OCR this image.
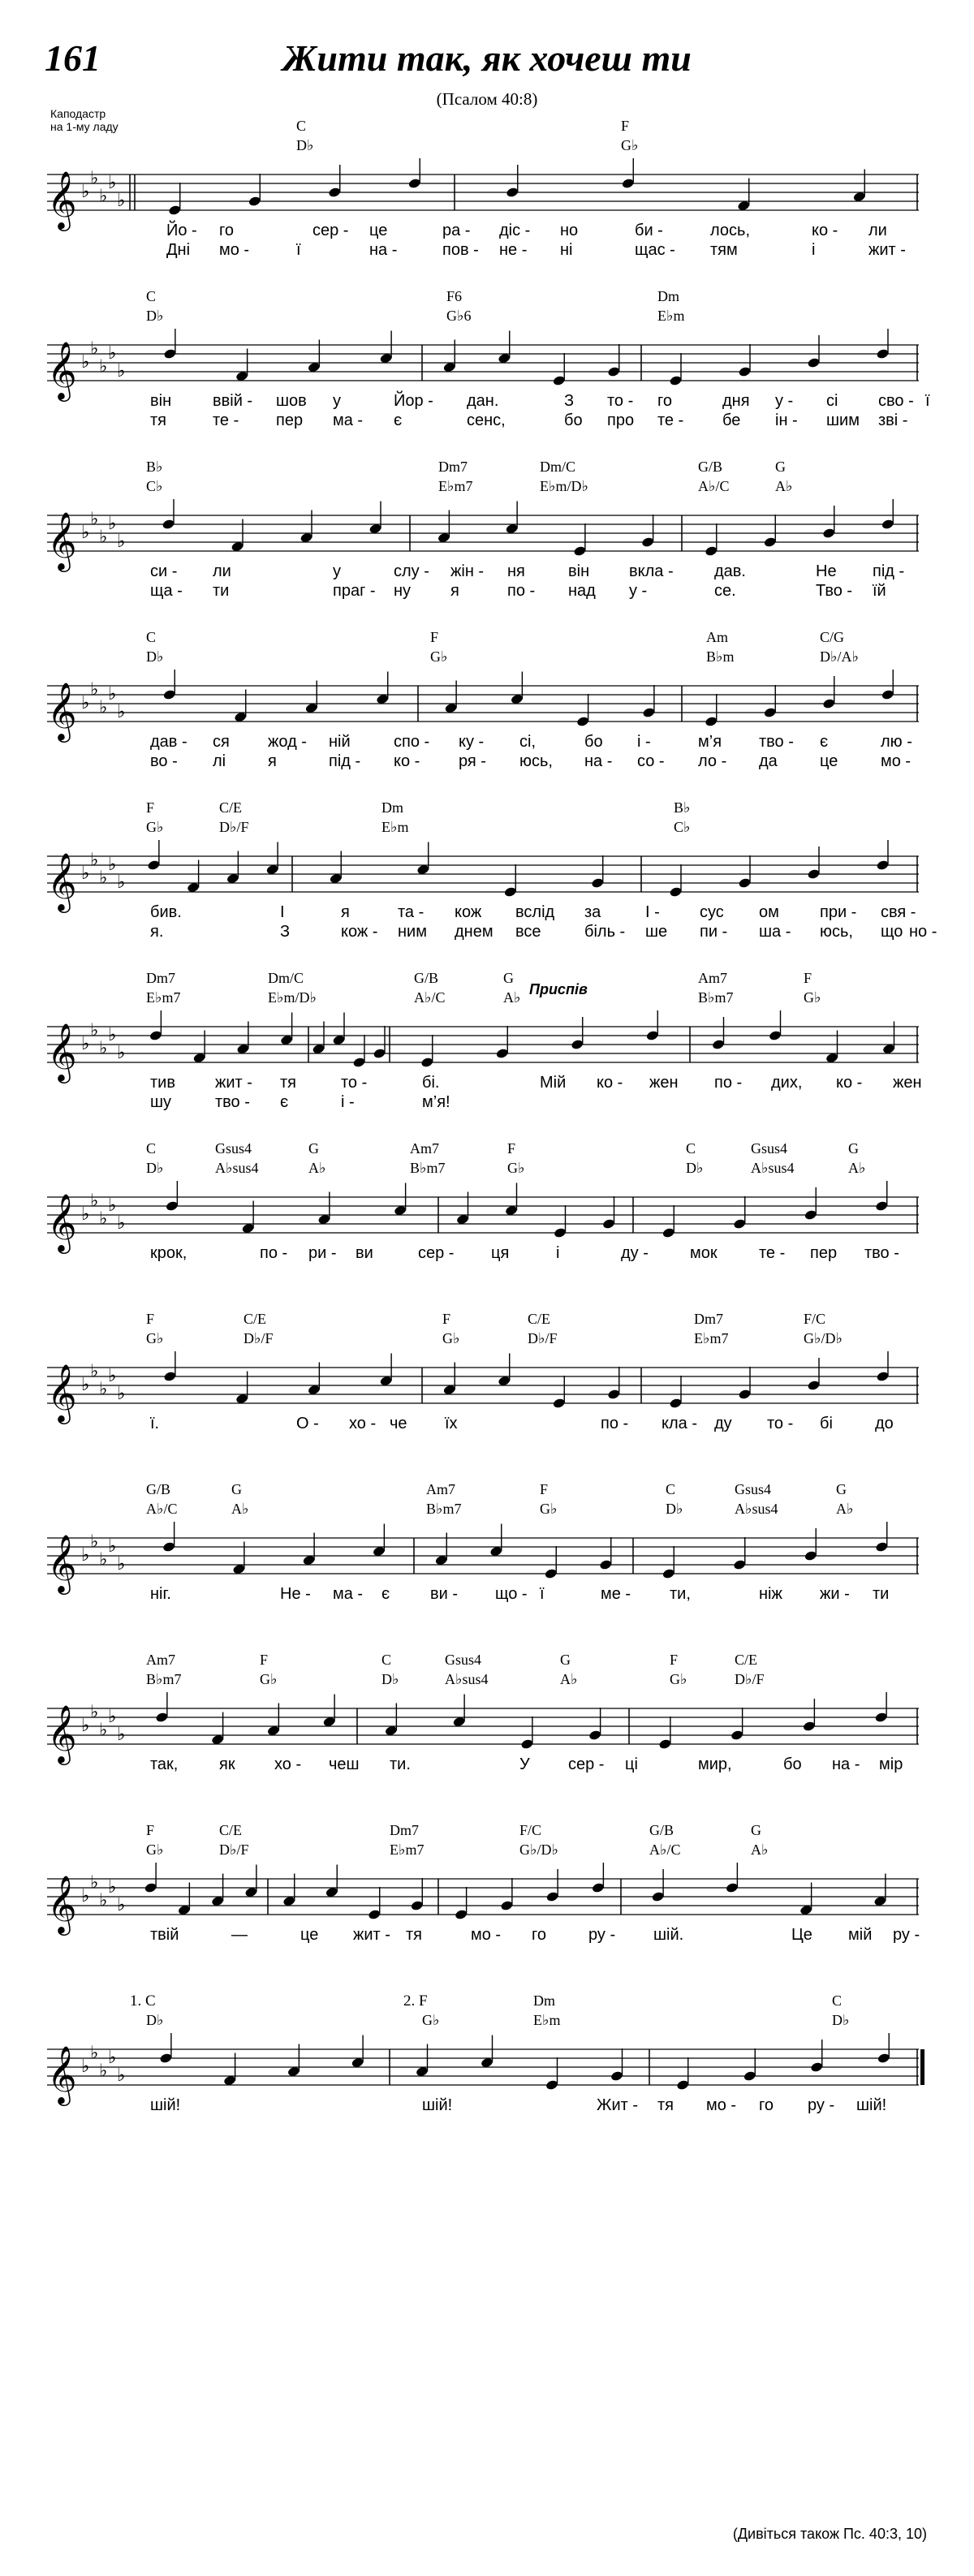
161	Жити так, як хочеш ти
(Псалом 40:8)
Каподастр
на 1-му ладу	C	F
D♭	G♭
𝄞 ♭
♭
♭
♭
♭
Йо - го	сер - це	ра - діс - но	би -	лось,	ко - ли
Дні мо -	ї	на -	пов - не - ні	щас - тям	і	жит -
C	F6	Dm
D♭	G♭6	E♭m
𝄞 ♭
♭
♭
♭
♭
він	ввій - шов у	Йор - дан.	З то - го	дня у - сі сво - ї
тя	те - пер ма - є	сенс,	бо про те - бе ін - шим зві -
B♭	Dm7	Dm/C	G/B	G
C♭	E♭m7	E♭m/D♭	A♭/C	A♭
𝄞 ♭
♭
♭
♭
♭
си - ли	у	слу - жін - ня	він вкла -	дав.	Не під -
ща - ти	праг - ну я	по - над у -	се.	Тво - їй
C	F	Am	C/G
D♭	G♭	B♭m	D♭/A♭
𝄞 ♭
♭
♭
♭
♭
дав - ся жод - ній	спо - ку - сі,	бо і -	м’я тво - є	лю -
во - лі	я	під - ко - ря - юсь, на - со - ло - да	це	мо -
F	C/E	Dm	B♭
G♭	D♭/F	E♭m	C♭
𝄞 ♭
♭
♭
♭
♭
бив.	І	я	та - кож вслід за	І - сус ом	при - свя -
я.	З	кож - ним днем все	біль - ше пи - ша - юсь, що но -
Dm7	Dm/C	G/B	G	Am7	F
E♭m7	E♭m/D♭	A♭/C	A♭	B♭m7	G♭
𝄞 ♭
♭
♭
♭
♭
тив жит - тя	то -	бі.	Мій ко - жен по - дих, ко - жен
шу	тво - є	і -	м’я!
Приспів
C	Gsus4	G	Am7	F	C	Gsus4	G
D♭	A♭sus4	A♭	B♭m7	G♭	D♭	A♭sus4	A♭
𝄞 ♭
♭
♭
♭
♭
крок,	по - ри - ви	сер - ця	і	ду -	мок	те - пер тво -
F	C/E	F	C/E	Dm7	F/C
G♭	D♭/F	G♭	D♭/F	E♭m7	G♭/D♭
𝄞 ♭
♭
♭
♭
♭
ї.	О - хо - че їх	по - кла - ду то - бі	до
G/B	G	Am7	F	C	Gsus4	G
A♭/C	A♭	B♭m7	G♭	D♭	A♭sus4	A♭
𝄞 ♭
♭
♭
♭
♭
ніг.	Не - ма - є ви - що - ї	ме - ти,	ніж жи - ти
Am7	F	C	Gsus4	G	F	C/E
B♭m7	G♭	D♭	A♭sus4	A♭	G♭	D♭/F
𝄞 ♭
♭
♭
♭
♭
так,	як хо - чеш ти.	У сер - ці	мир,	бо на - мір
F	C/E	Dm7	F/C	G/B	G
G♭	D♭/F	E♭m7	G♭/D♭	A♭/C	A♭
𝄞 ♭
♭
♭
♭
♭
твій	—	це жит - тя	мо - го	ру - шій.	Це мій ру -
1. C	2. F	Dm	C
D♭	G♭	E♭m	D♭
𝄞 ♭
♭
♭
♭
♭
шій!	шій!	Жит - тя мо - го ру - шій!
(Дивіться також Пс. 40:3, 10)
